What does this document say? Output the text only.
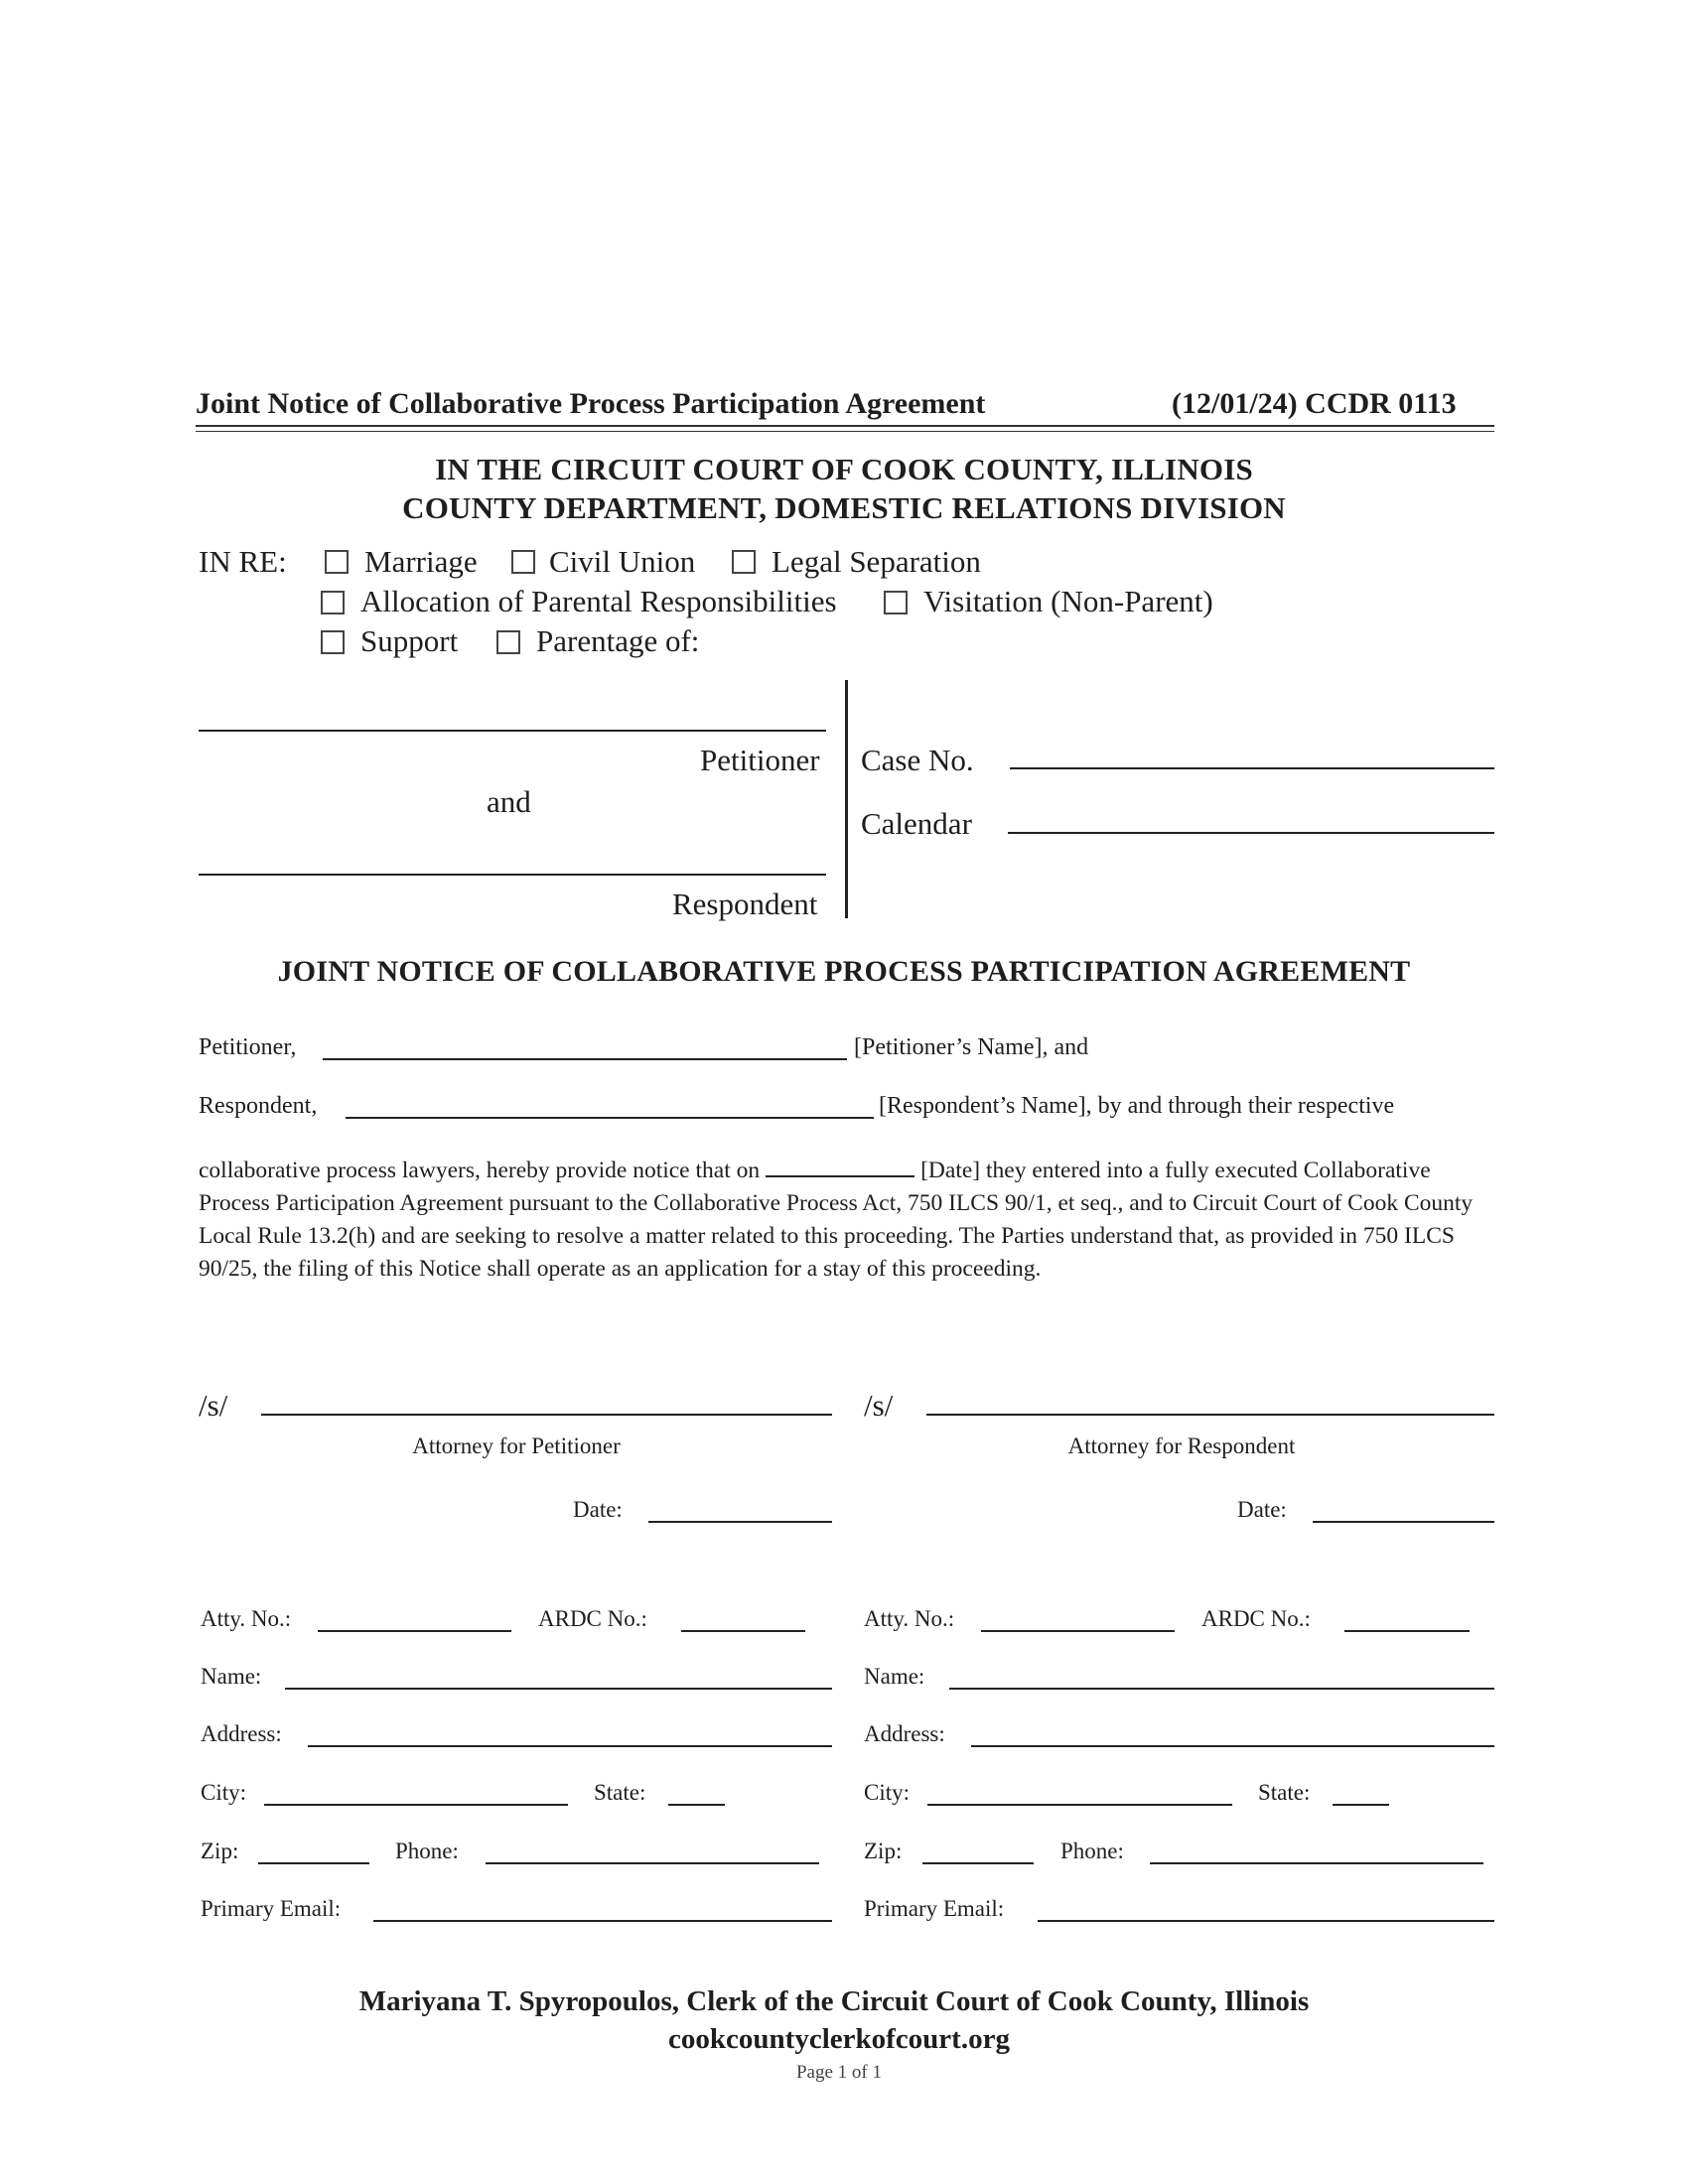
Joint Notice of Collaborative Process Participation Agreement	(12/01/24) CCDR 0113
IN THE CIRCUIT COURT OF COOK COUNTY, ILLINOIS
COUNTY DEPARTMENT, DOMESTIC RELATIONS DIVISION
IN RE:	Marriage Civil Union Legal Separation
Allocation of Parental Responsibilities	Visitation (Non-Parent)
Support	Parentage of:
Petitioner
and
Respondent
Case No.
Calendar
JOINT NOTICE OF COLLABORATIVE PROCESS PARTICIPATION AGREEMENT
Petitioner,	[Petitioner’s Name], and
Respondent,	[Respondent’s Name], by and through their respective
collaborative process lawyers, hereby provide notice that on	[Date] they entered into a fully executed Collaborative Process Participation Agreement pursuant to the Collaborative Process Act, 750 ILCS 90/1, et seq., and to Circuit Court of Cook County Local Rule 13.2(h) and are seeking to resolve a matter related to this proceeding. The Parties understand that, as provided in 750 ILCS 90/25, the filing of this Notice shall operate as an application for a stay of this proceeding.
/s/
Attorney for Petitioner
Date:
/s/
Attorney for Respondent
Date:
Atty. No.:	ARDC No.:
Name:
Address:
City:	State:
Zip:	Phone:
Primary Email:
Atty. No.:	ARDC No.:
Name:
Address:
City:	State:
Zip:	Phone:
Primary Email:
Mariyana T. Spyropoulos, Clerk of the Circuit Court of Cook County, Illinois
cookcountyclerkofcourt.org
Page 1 of 1
